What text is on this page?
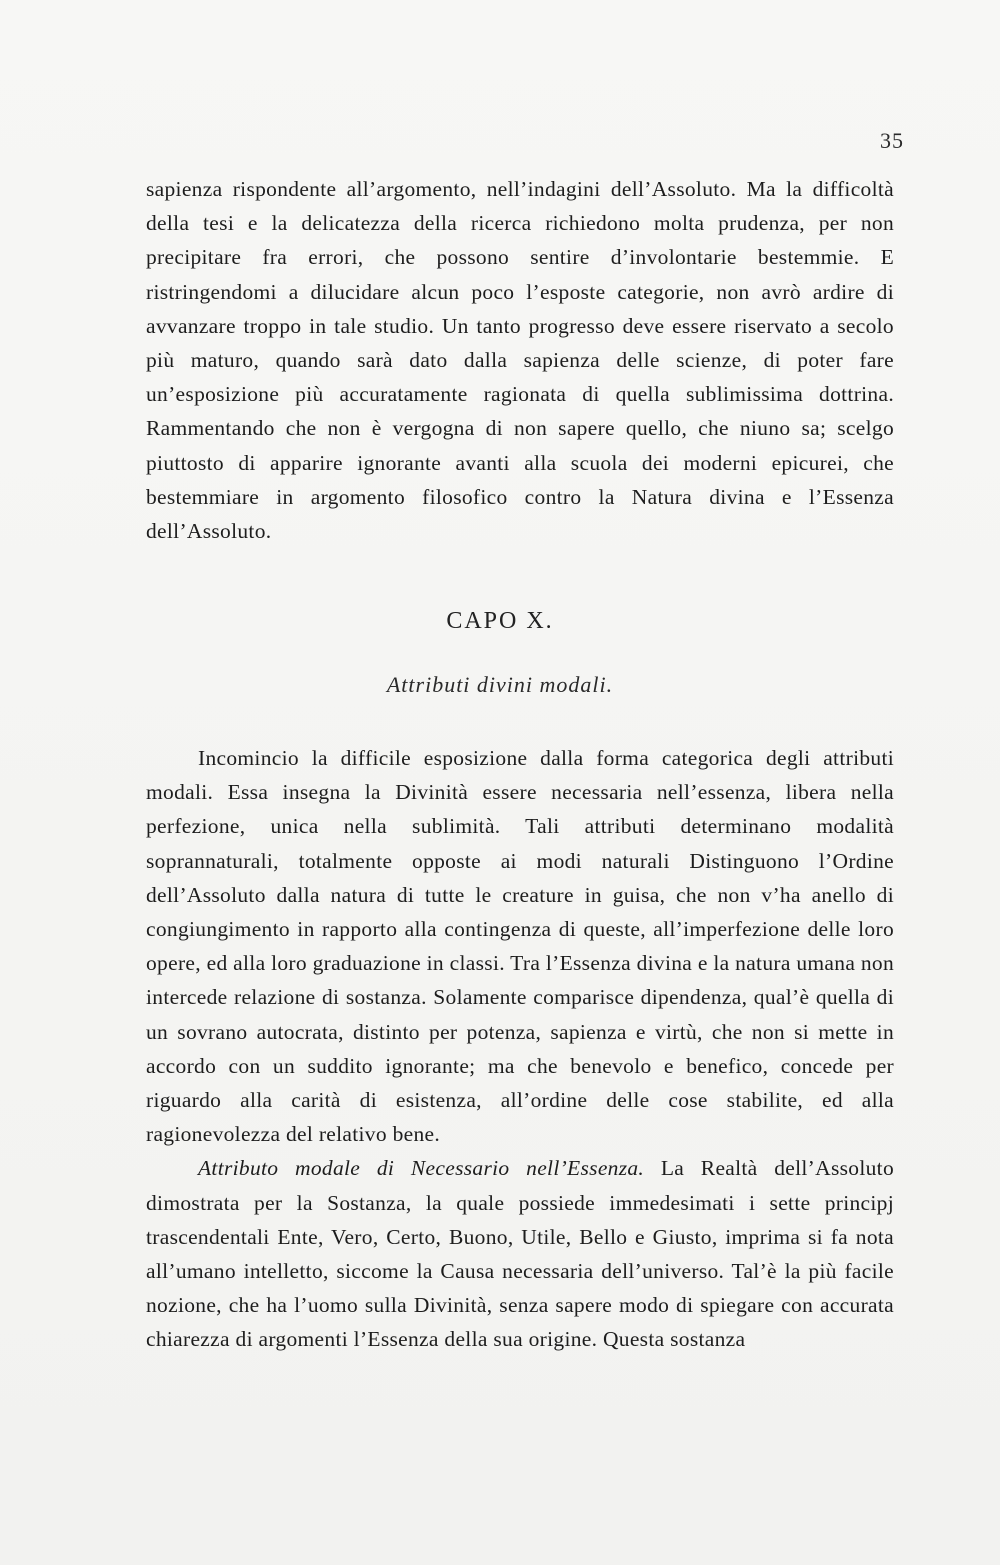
35

sapienza rispondente all’argomento, nell’indagini dell’Assoluto. Ma la difficoltà della tesi e la delicatezza della ricerca richiedono molta prudenza, per non precipitare fra errori, che possono sentire d’involontarie bestemmie. E ristringendomi a dilucidare alcun poco l’esposte categorie, non avrò ardire di avvanzare troppo in tale studio. Un tanto progresso deve essere riservato a secolo più maturo, quando sarà dato dalla sapienza delle scienze, di poter fare un’esposizione più accuratamente ragionata di quella sublimissima dottrina. Rammentando che non è vergogna di non sapere quello, che niuno sa; scelgo piuttosto di apparire ignorante avanti alla scuola dei moderni epicurei, che bestemmiare in argomento filosofico contro la Natura divina e l’Essenza dell’Assoluto.

CAPO X.
Attributi divini modali.

Incomincio la difficile esposizione dalla forma categorica degli attributi modali. Essa insegna la Divinità essere necessaria nell’essenza, libera nella perfezione, unica nella sublimità. Tali attributi determinano modalità soprannaturali, totalmente opposte ai modi naturali Distinguono l’Ordine dell’Assoluto dalla natura di tutte le creature in guisa, che non v’ha anello di congiungimento in rapporto alla contingenza di queste, all’imperfezione delle loro opere, ed alla loro graduazione in classi. Tra l’Essenza divina e la natura umana non intercede relazione di sostanza. Solamente comparisce dipendenza, qual’è quella di un sovrano autocrata, distinto per potenza, sapienza e virtù, che non si mette in accordo con un suddito ignorante; ma che benevolo e benefico, concede per riguardo alla carità di esistenza, all’ordine delle cose stabilite, ed alla ragionevolezza del relativo bene.

Attributo modale di Necessario nell’Essenza. La Realtà dell’Assoluto dimostrata per la Sostanza, la quale possiede immedesimati i sette principj trascendentali Ente, Vero, Certo, Buono, Utile, Bello e Giusto, imprima si fa nota all’umano intelletto, siccome la Causa necessaria dell’universo. Tal’è la più facile nozione, che ha l’uomo sulla Divinità, senza sapere modo di spiegare con accurata chiarezza di argomenti l’Essenza della sua origine. Questa sostanza
